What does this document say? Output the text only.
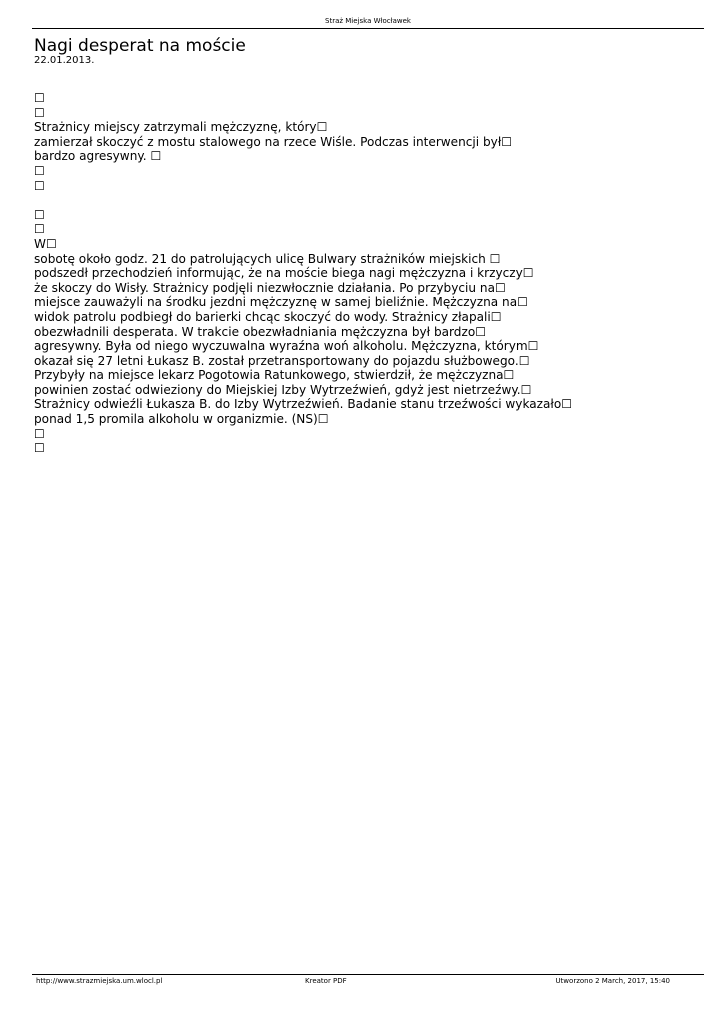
Straż Miejska Włocławek
Nagi desperat na moście
22.01.2013.
☐
☐
Strażnicy miejscy zatrzymali mężczyznę, który☐
zamierzał skoczyć z mostu stalowego na rzece Wiśle. Podczas interwencji był☐
bardzo agresywny. ☐
☐
☐
☐
☐
W☐
sobotę około godz. 21 do patrolujących ulicę Bulwary strażników miejskich ☐
podszedł przechodzień informując, że na moście biega nagi mężczyzna i krzyczy☐
że skoczy do Wisły. Strażnicy podjęli niezwłocznie działania. Po przybyciu na☐
miejsce zauważyli na środku jezdni mężczyznę w samej bieliźnie. Mężczyzna na☐
widok patrolu podbiegł do barierki chcąc skoczyć do wody. Strażnicy złapali☐
obezwładnili desperata. W trakcie obezwładniania mężczyzna był bardzo☐
agresywny. Była od niego wyczuwalna wyraźna woń alkoholu. Mężczyzna, którym☐
okazał się 27 letni Łukasz B. został przetransportowany do pojazdu służbowego.☐
Przybyły na miejsce lekarz Pogotowia Ratunkowego, stwierdził, że mężczyzna☐
powinien zostać odwieziony do Miejskiej Izby Wytrzeźwień, gdyż jest nietrzeźwy.☐
Strażnicy odwieźli Łukasza B. do Izby Wytrzeźwień. Badanie stanu trzeźwości wykazało☐
ponad 1,5 promila alkoholu w organizmie. (NS)☐
☐
☐
http://www.strazmiejska.um.wlocl.pl	Kreator PDF	Utworzono 2 March, 2017, 15:40
